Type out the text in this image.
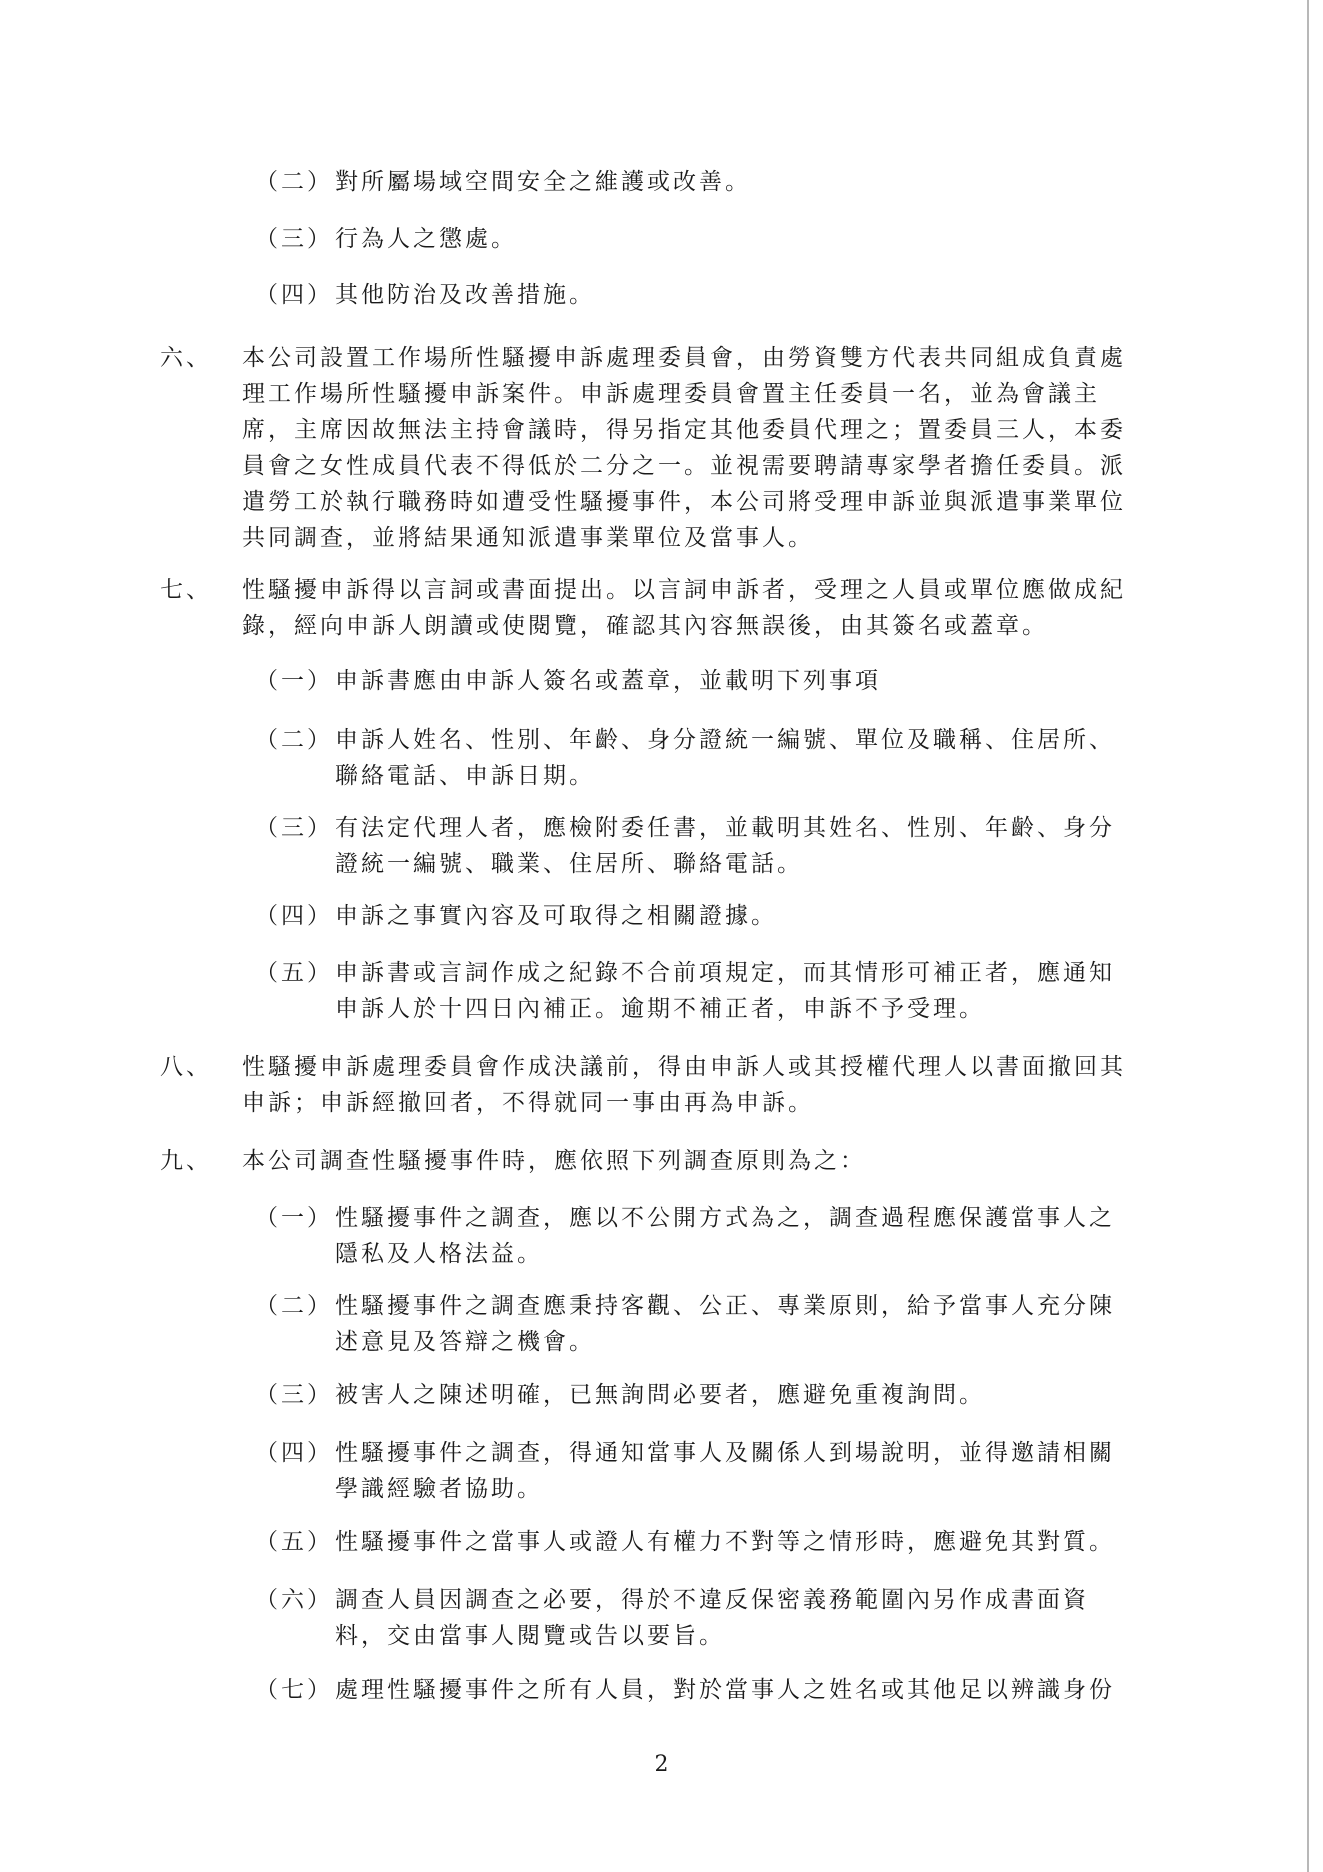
（二） 對所屬場域空間安全之維護或改善。
（三） 行為人之懲處。
（四） 其他防治及改善措施。
六、 本公司設置工作場所性騷擾申訴處理委員會，由勞資雙方代表共同組成負責處
理工作場所性騷擾申訴案件。申訴處理委員會置主任委員一名，並為會議主
席，主席因故無法主持會議時，得另指定其他委員代理之；置委員三人，本委
員會之女性成員代表不得低於二分之一。並視需要聘請專家學者擔任委員。派
遣勞工於執行職務時如遭受性騷擾事件，本公司將受理申訴並與派遣事業單位
共同調查，並將結果通知派遣事業單位及當事人。
七、 性騷擾申訴得以言詞或書面提出。以言詞申訴者，受理之人員或單位應做成紀
錄，經向申訴人朗讀或使閱覽，確認其內容無誤後，由其簽名或蓋章。
（一） 申訴書應由申訴人簽名或蓋章，並載明下列事項
（二） 申訴人姓名、性別、年齡、身分證統一編號、單位及職稱、住居所、
聯絡電話、申訴日期。
（三） 有法定代理人者，應檢附委任書，並載明其姓名、性別、年齡、身分
證統一編號、職業、住居所、聯絡電話。
（四） 申訴之事實內容及可取得之相關證據。
（五） 申訴書或言詞作成之紀錄不合前項規定，而其情形可補正者，應通知
申訴人於十四日內補正。逾期不補正者，申訴不予受理。
八、 性騷擾申訴處理委員會作成決議前，得由申訴人或其授權代理人以書面撤回其
申訴；申訴經撤回者，不得就同一事由再為申訴。
九、 本公司調查性騷擾事件時，應依照下列調查原則為之：
（一） 性騷擾事件之調查，應以不公開方式為之，調查過程應保護當事人之
隱私及人格法益。
（二） 性騷擾事件之調查應秉持客觀、公正、專業原則，給予當事人充分陳
述意見及答辯之機會。
（三） 被害人之陳述明確，已無詢問必要者，應避免重複詢問。
（四） 性騷擾事件之調查，得通知當事人及關係人到場說明，並得邀請相關
學識經驗者協助。
（五） 性騷擾事件之當事人或證人有權力不對等之情形時，應避免其對質。
（六） 調查人員因調查之必要，得於不違反保密義務範圍內另作成書面資
料，交由當事人閱覽或告以要旨。
（七） 處理性騷擾事件之所有人員，對於當事人之姓名或其他足以辨識身份
2
